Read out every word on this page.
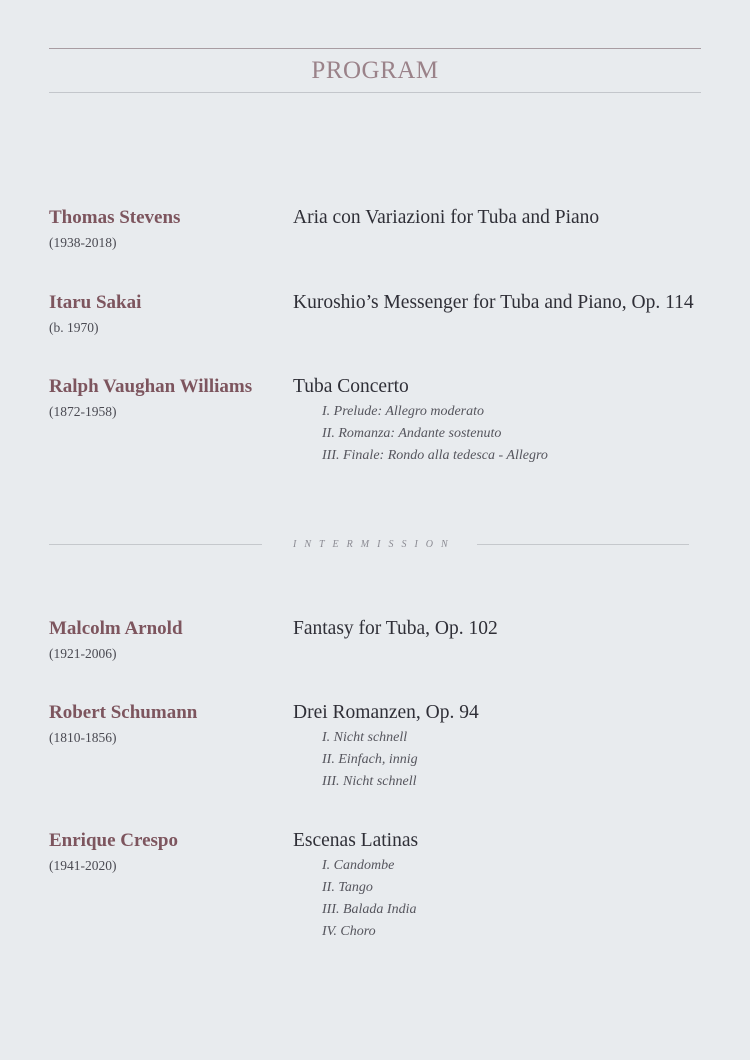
PROGRAM
Thomas Stevens
(1938-2018)
Aria con Variazioni for Tuba and Piano
Itaru Sakai
(b. 1970)
Kuroshio’s Messenger for Tuba and Piano, Op. 114
Ralph Vaughan Williams
(1872-1958)
Tuba Concerto
I. Prelude: Allegro moderato
II. Romanza: Andante sostenuto
III. Finale: Rondo alla tedesca - Allegro
INTERMISSION
Malcolm Arnold
(1921-2006)
Fantasy for Tuba, Op. 102
Robert Schumann
(1810-1856)
Drei Romanzen, Op. 94
I. Nicht schnell
II. Einfach, innig
III. Nicht schnell
Enrique Crespo
(1941-2020)
Escenas Latinas
I. Candombe
II. Tango
III. Balada India
IV. Choro
